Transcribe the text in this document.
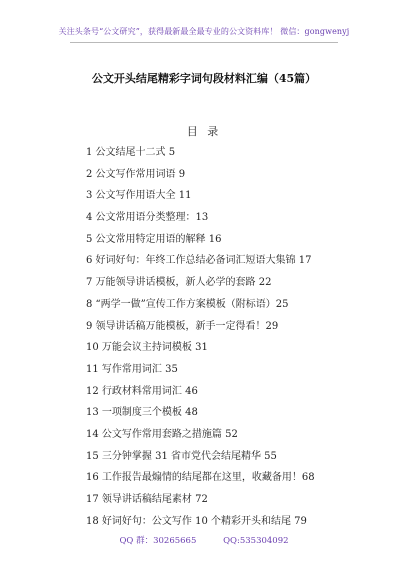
关注头条号“公文研究”，获得最新最全最专业的公文资料库！ 微信：gongwenyj
公文开头结尾精彩字词句段材料汇编（45篇）
目 录
1 公文结尾十二式 5
2 公文写作常用词语 9
3 公文写作用语大全 11
4 公文常用语分类整理：13
5 公文常用特定用语的解释 16
6 好词好句：年终工作总结必备词汇短语大集锦 17
7 万能领导讲话模板，新人必学的套路 22
8 “两学一做”宣传工作方案模板（附标语）25
9 领导讲话稿万能模板，新手一定得看！29
10 万能会议主持词模板 31
11 写作常用词汇 35
12 行政材料常用词汇 46
13 一项制度三个模板 48
14 公文写作常用套路之措施篇 52
15 三分钟掌握 31 省市党代会结尾精华 55
16 工作报告最煽情的结尾都在这里，收藏备用！68
17 领导讲话稿结尾素材 72
18 好词好句：公文写作 10 个精彩开头和结尾 79
QQ 群：30265665	QQ:535304092
